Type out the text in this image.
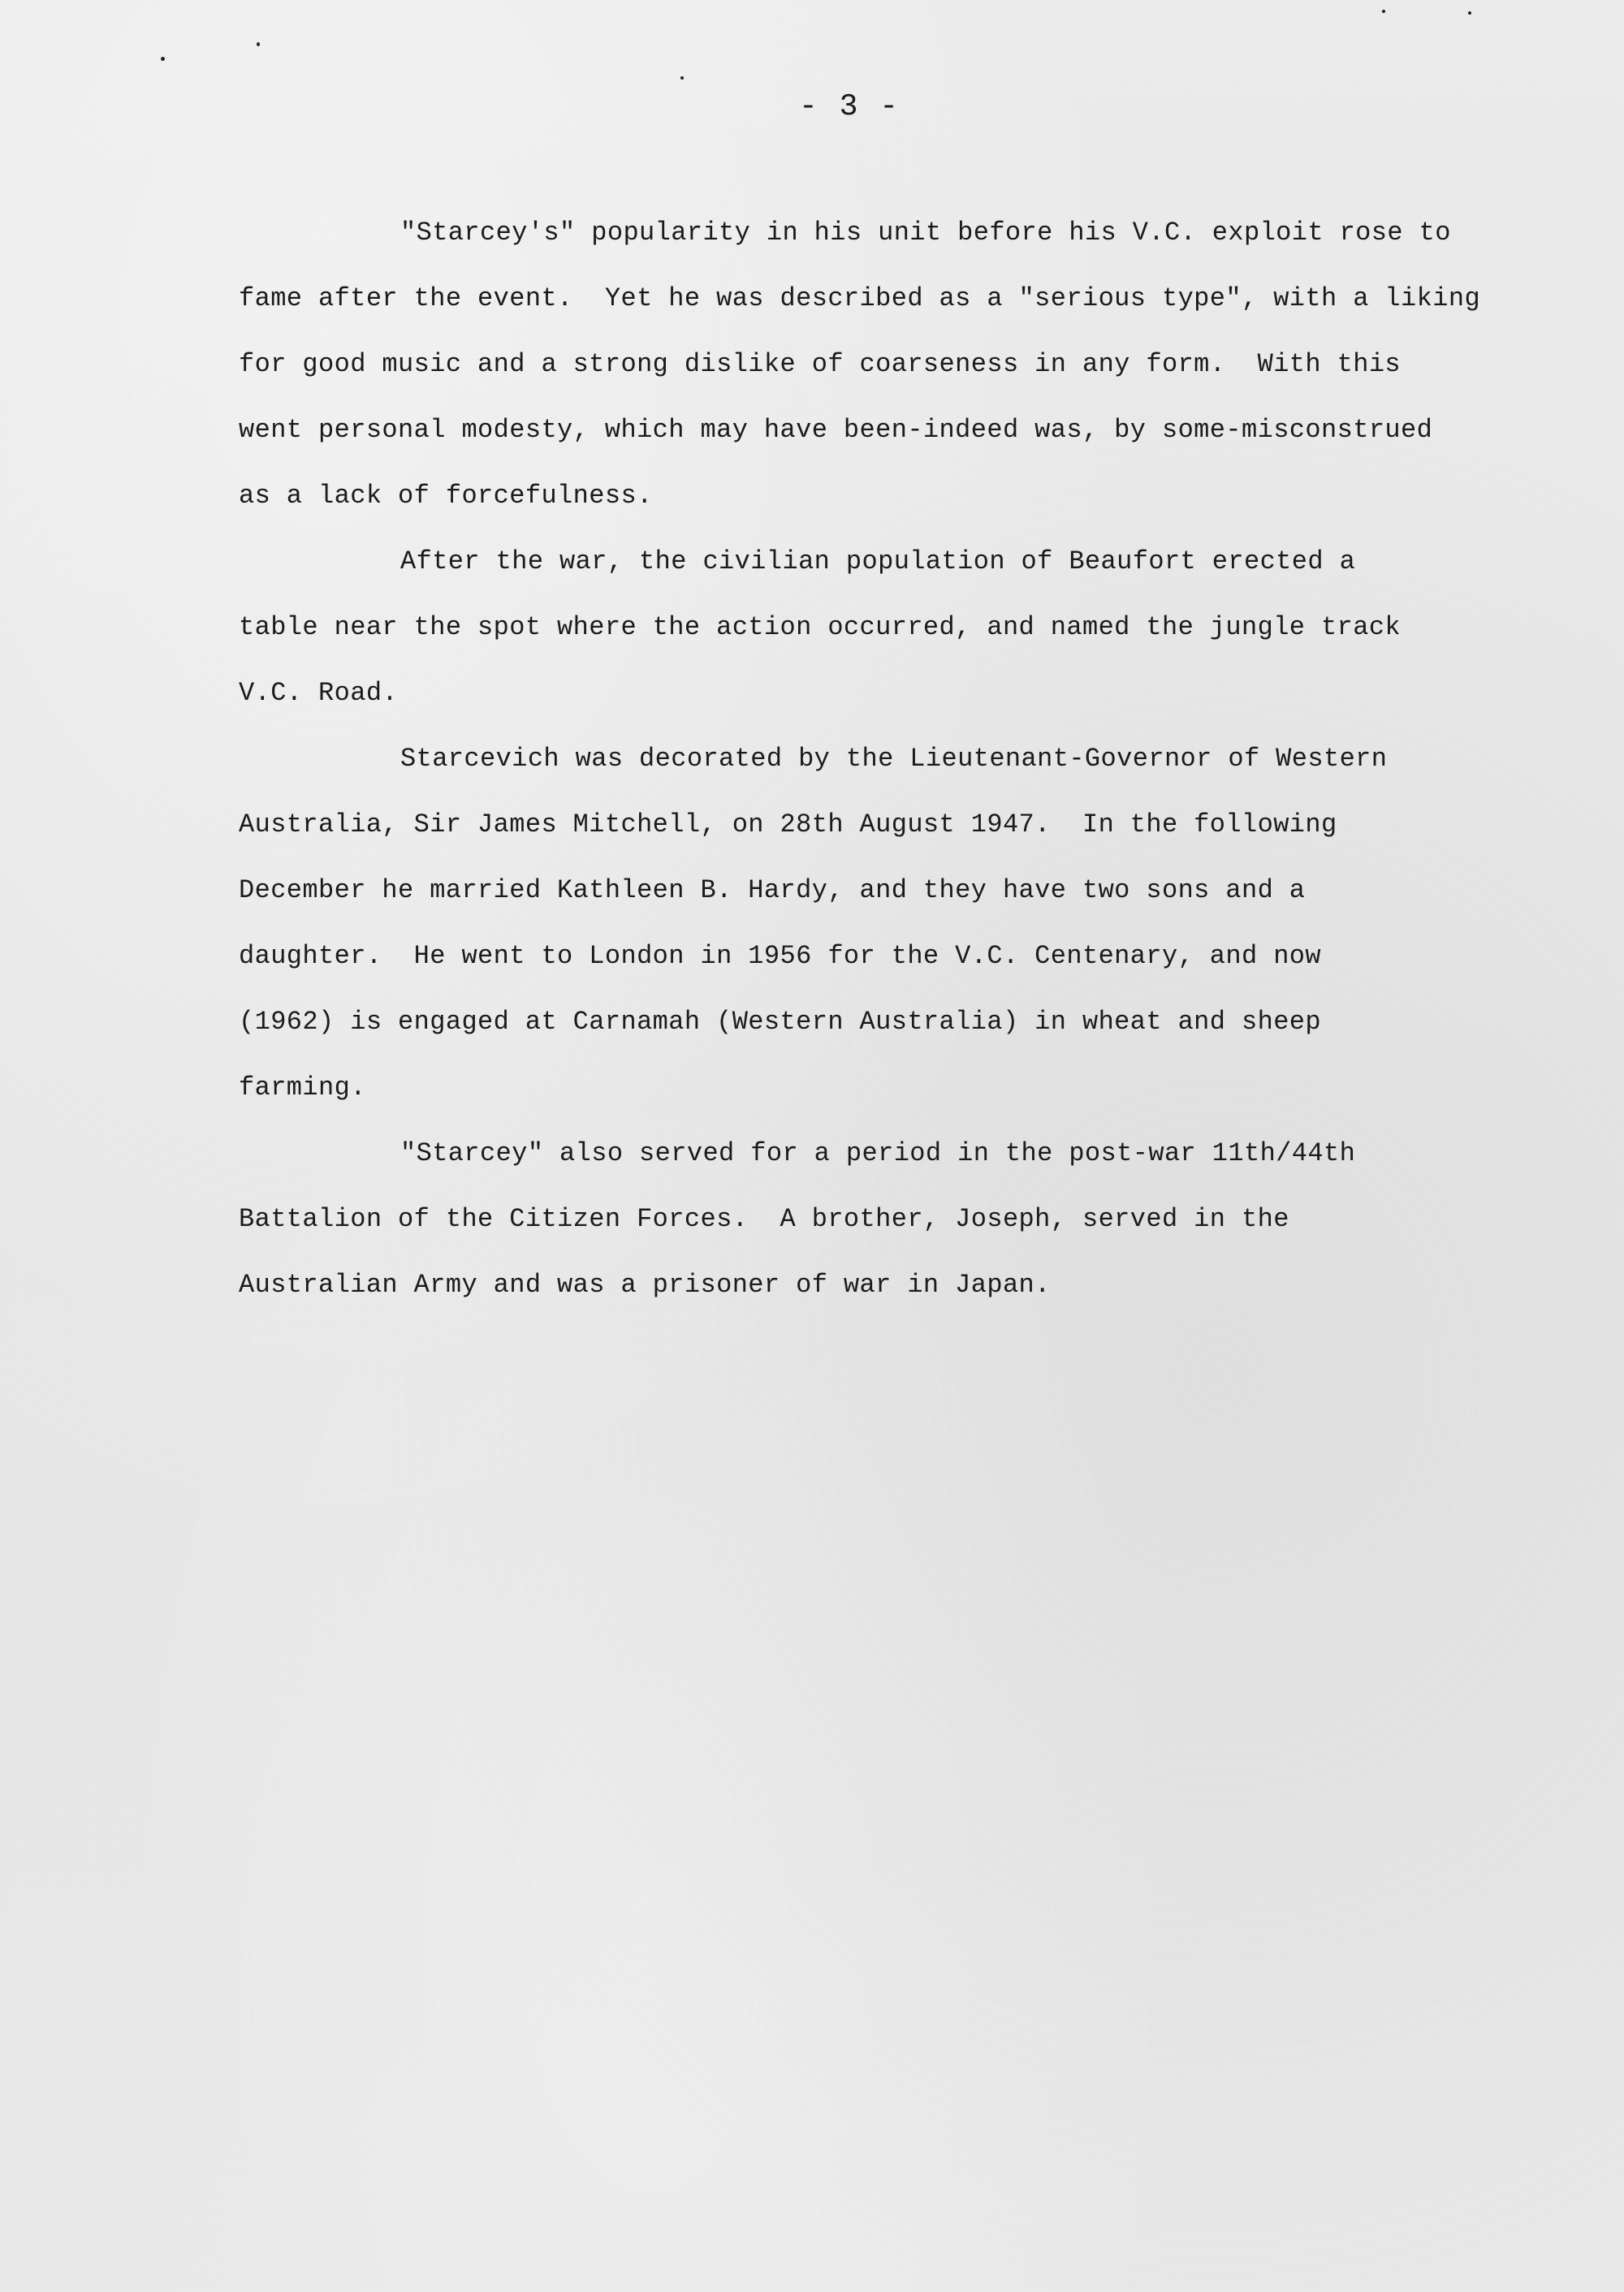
- 3 -
"Starcey's" popularity in his unit before his V.C. exploit rose to
fame after the event.  Yet he was described as a "serious type", with a liking
for good music and a strong dislike of coarseness in any form.  With this
went personal modesty, which may have been-indeed was, by some-misconstrued
as a lack of forcefulness.
After the war, the civilian population of Beaufort erected a
table near the spot where the action occurred, and named the jungle track
V.C. Road.
Starcevich was decorated by the Lieutenant-Governor of Western
Australia, Sir James Mitchell, on 28th August 1947.  In the following
December he married Kathleen B. Hardy, and they have two sons and a
daughter.  He went to London in 1956 for the V.C. Centenary, and now
(1962) is engaged at Carnamah (Western Australia) in wheat and sheep
farming.
"Starcey" also served for a period in the post-war 11th/44th
Battalion of the Citizen Forces.  A brother, Joseph, served in the
Australian Army and was a prisoner of war in Japan.
